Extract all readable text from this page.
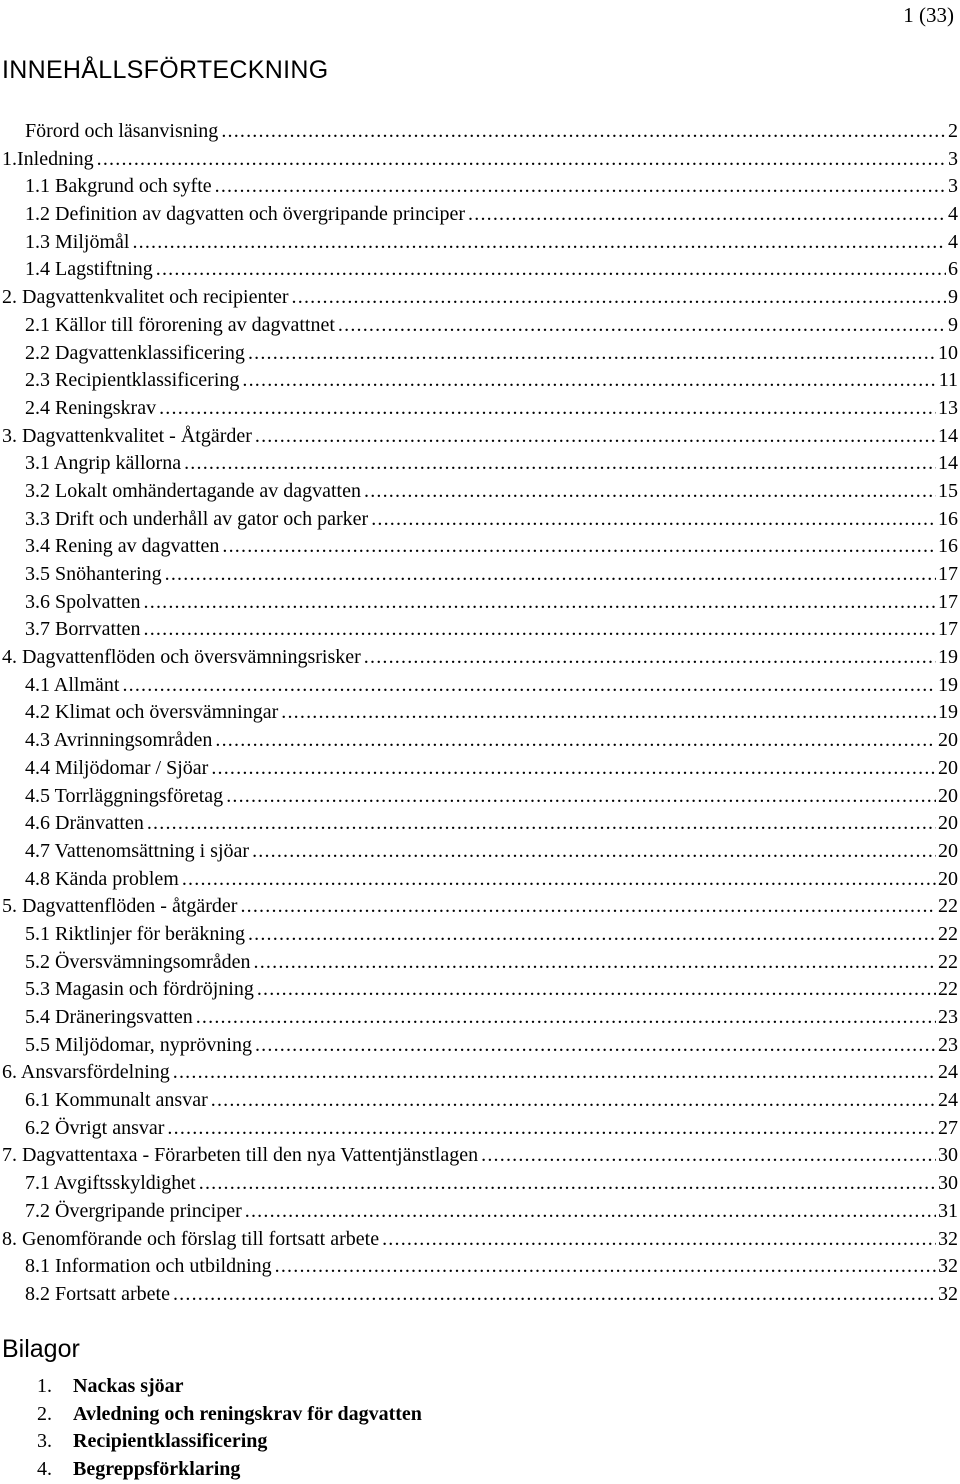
1 (33)
INNEHÅLLSFÖRTECKNING
Förord och läsanvisning .....	2
1.Inledning .....	3
1.1 Bakgrund och syfte .....	3
1.2 Definition av dagvatten och övergripande principer .....	4
1.3 Miljömål .....	4
1.4 Lagstiftning .....	6
2. Dagvattenkvalitet och recipienter .....	9
2.1 Källor till förorening av dagvattnet .....	9
2.2 Dagvattenklassificering .....	10
2.3 Recipientklassificering .....	11
2.4 Reningskrav .....	13
3. Dagvattenkvalitet - Åtgärder .....	14
3.1 Angrip källorna .....	14
3.2 Lokalt omhändertagande av dagvatten .....	15
3.3 Drift och underhåll av gator och parker .....	16
3.4 Rening av dagvatten .....	16
3.5 Snöhantering .....	17
3.6 Spolvatten .....	17
3.7 Borrvatten .....	17
4. Dagvattenflöden och översvämningsrisker .....	19
4.1 Allmänt .....	19
4.2 Klimat och översvämningar .....	19
4.3 Avrinningsområden .....	20
4.4 Miljödomar / Sjöar .....	20
4.5 Torrläggningsföretag .....	20
4.6 Dränvatten .....	20
4.7 Vattenomsättning i sjöar .....	20
4.8 Kända problem .....	20
5. Dagvattenflöden - åtgärder .....	22
5.1 Riktlinjer för beräkning .....	22
5.2 Översvämningsområden .....	22
5.3 Magasin och fördröjning .....	22
5.4 Dräneringsvatten .....	23
5.5 Miljödomar, nyprövning .....	23
6. Ansvarsfördelning .....	24
6.1 Kommunalt ansvar .....	24
6.2 Övrigt ansvar .....	27
7. Dagvattentaxa - Förarbeten till den nya Vattentjänstlagen .....	30
7.1 Avgiftsskyldighet .....	30
7.2 Övergripande principer .....	31
8. Genomförande och förslag till fortsatt arbete .....	32
8.1 Information och utbildning .....	32
8.2 Fortsatt arbete .....	32
Bilagor
1.	Nackas sjöar
2.	Avledning och reningskrav för dagvatten
3.	Recipientklassificering
4.	Begreppsförklaring
